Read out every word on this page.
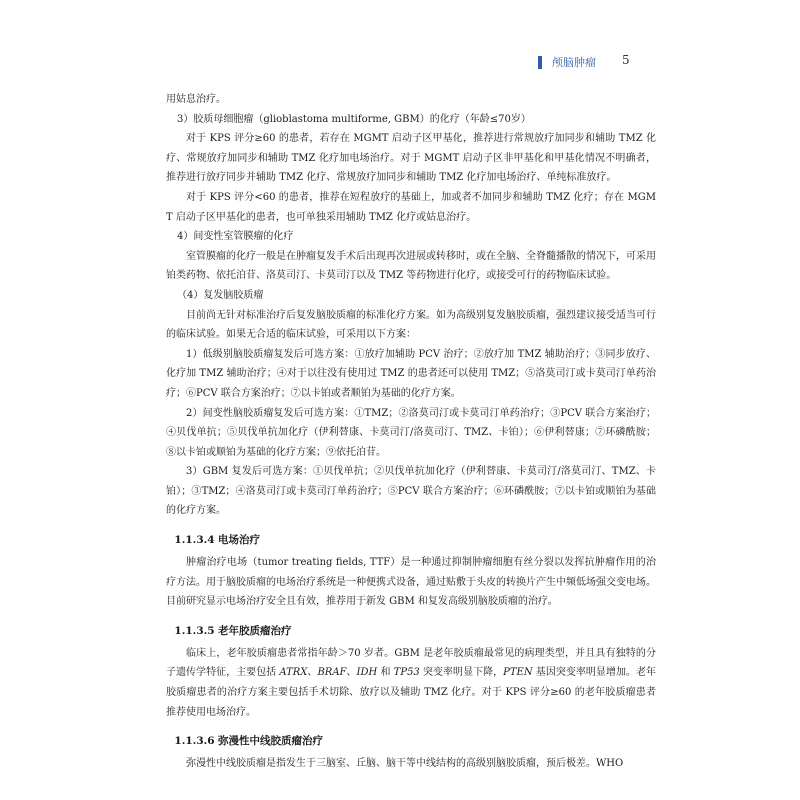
颅脑肿瘤 5

用姑息治疗。

3）胶质母细胞瘤（glioblastoma multiforme, GBM）的化疗（年龄≤70岁）

对于 KPS 评分≥60 的患者，若存在 MGMT 启动子区甲基化，推荐进行常规放疗加同步和辅助 TMZ 化疗、常规放疗加同步和辅助 TMZ 化疗加电场治疗。对于 MGMT 启动子区非甲基化和甲基化情况不明确者，推荐进行放疗同步并辅助 TMZ 化疗、常规放疗加同步和辅助 TMZ 化疗加电场治疗、单纯标准放疗。

对于 KPS 评分<60 的患者，推荐在短程放疗的基础上，加或者不加同步和辅助 TMZ 化疗；存在 MGMT 启动子区甲基化的患者，也可单独采用辅助 TMZ 化疗或姑息治疗。

4）间变性室管膜瘤的化疗

室管膜瘤的化疗一般是在肿瘤复发手术后出现再次进展或转移时，或在全脑、全脊髓播散的情况下，可采用铂类药物、依托泊苷、洛莫司汀、卡莫司汀以及 TMZ 等药物进行化疗，或接受可行的药物临床试验。

（4）复发脑胶质瘤

目前尚无针对标准治疗后复发脑胶质瘤的标准化疗方案。如为高级别复发脑胶质瘤，强烈建议接受适当可行的临床试验。如果无合适的临床试验，可采用以下方案：

1）低级别脑胶质瘤复发后可选方案：①放疗加辅助 PCV 治疗；②放疗加 TMZ 辅助治疗；③同步放疗、化疗加 TMZ 辅助治疗；④对于以往没有使用过 TMZ 的患者还可以使用 TMZ；⑤洛莫司汀或卡莫司汀单药治疗；⑥PCV 联合方案治疗；⑦以卡铂或者顺铂为基础的化疗方案。

2）间变性脑胶质瘤复发后可选方案：①TMZ；②洛莫司汀或卡莫司汀单药治疗；③PCV 联合方案治疗；④贝伐单抗；⑤贝伐单抗加化疗（伊利替康、卡莫司汀/洛莫司汀、TMZ、卡铂）；⑥伊利替康；⑦环磷酰胺；⑧以卡铂或顺铂为基础的化疗方案；⑨依托泊苷。

3）GBM 复发后可选方案：①贝伐单抗；②贝伐单抗加化疗（伊利替康、卡莫司汀/洛莫司汀、TMZ、卡铂）；③TMZ；④洛莫司汀或卡莫司汀单药治疗；⑤PCV 联合方案治疗；⑥环磷酰胺；⑦以卡铂或顺铂为基础的化疗方案。

1.1.3.4 电场治疗

肿瘤治疗电场（tumor treating fields, TTF）是一种通过抑制肿瘤细胞有丝分裂以发挥抗肿瘤作用的治疗方法。用于脑胶质瘤的电场治疗系统是一种便携式设备，通过贴敷于头皮的转换片产生中频低场强交变电场。目前研究显示电场治疗安全且有效，推荐用于新发 GBM 和复发高级别脑胶质瘤的治疗。

1.1.3.5 老年胶质瘤治疗

临床上，老年胶质瘤患者常指年龄＞70 岁者。GBM 是老年胶质瘤最常见的病理类型，并且具有独特的分子遗传学特征，主要包括 ATRX、BRAF、IDH 和 TP53 突变率明显下降，PTEN 基因突变率明显增加。老年胶质瘤患者的治疗方案主要包括手术切除、放疗以及辅助 TMZ 化疗。对于 KPS 评分≥60 的老年胶质瘤患者推荐使用电场治疗。

1.1.3.6 弥漫性中线胶质瘤治疗

弥漫性中线胶质瘤是指发生于三脑室、丘脑、脑干等中线结构的高级别脑胶质瘤，预后极差。WHO
